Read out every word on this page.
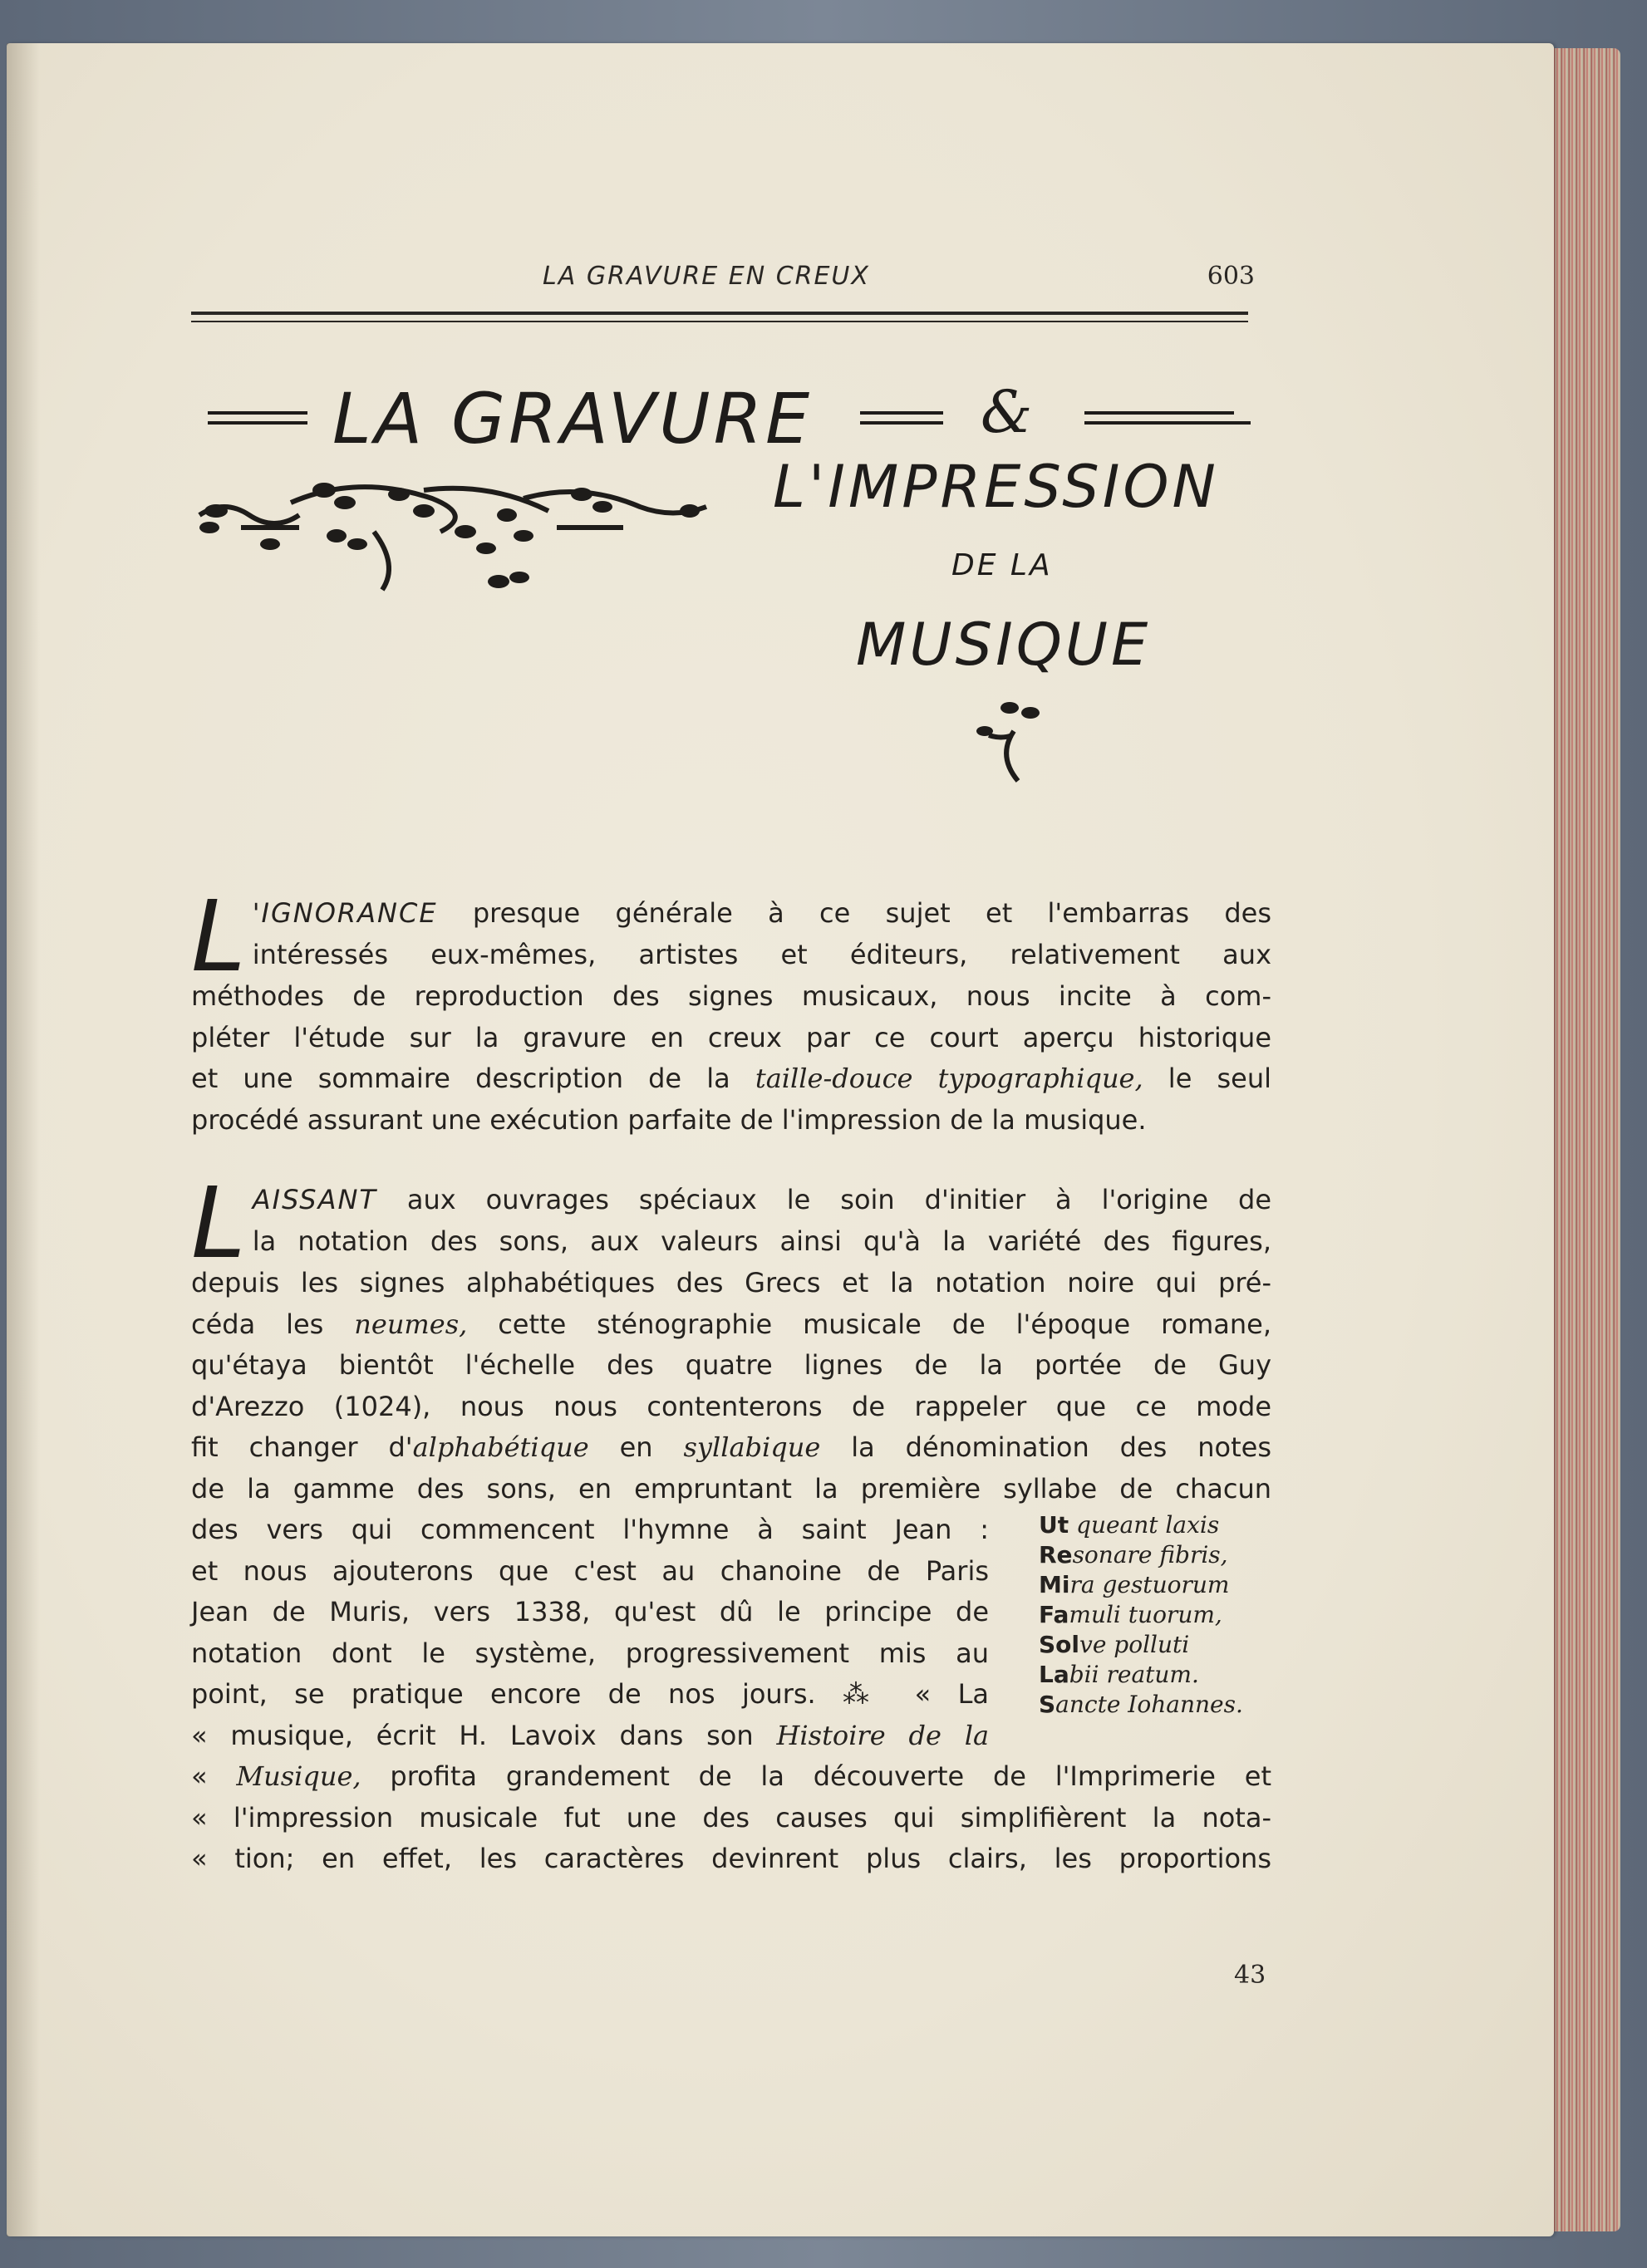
LA GRAVURE EN CREUX	603
LA GRAVURE	&
L'IMPRESSION
DE LA
MUSIQUE
L 'IGNORANCE presque générale à ce sujet et l'embarras des
intéressés eux-mêmes, artistes et éditeurs, relativement aux
méthodes de reproduction des signes musicaux, nous incite à com-
pléter l'étude sur la gravure en creux par ce court aperçu historique
et une sommaire description de la taille-douce typographique, le seul
procédé assurant une exécution parfaite de l'impression de la musique.
L AISSANT aux ouvrages spéciaux le soin d'initier à l'origine de
la notation des sons, aux valeurs ainsi qu'à la variété des figures,
depuis les signes alphabétiques des Grecs et la notation noire qui pré-
céda les neumes, cette sténographie musicale de l'époque romane,
qu'étaya bientôt l'échelle des quatre lignes de la portée de Guy
d'Arezzo (1024), nous nous contenterons de rappeler que ce mode
fit changer d'alphabétique en syllabique la dénomination des notes
de la gamme des sons, en empruntant la première syllabe de chacun
des vers qui commencent l'hymne à saint Jean :
et nous ajouterons que c'est au chanoine de Paris
Jean de Muris, vers 1338, qu'est dû le principe de
notation dont le système, progressivement mis au
point, se pratique encore de nos jours. ⁂ « La
« musique, écrit H. Lavoix dans son Histoire de la
« Musique, profita grandement de la découverte de l'Imprimerie et
« l'impression musicale fut une des causes qui simplifièrent la nota-
« tion; en effet, les caractères devinrent plus clairs, les proportions
Ut queant laxis
Resonare fibris,
Mira gestuorum
Famuli tuorum,
Solve polluti
Labii reatum.
Sancte Iohannes.
43
